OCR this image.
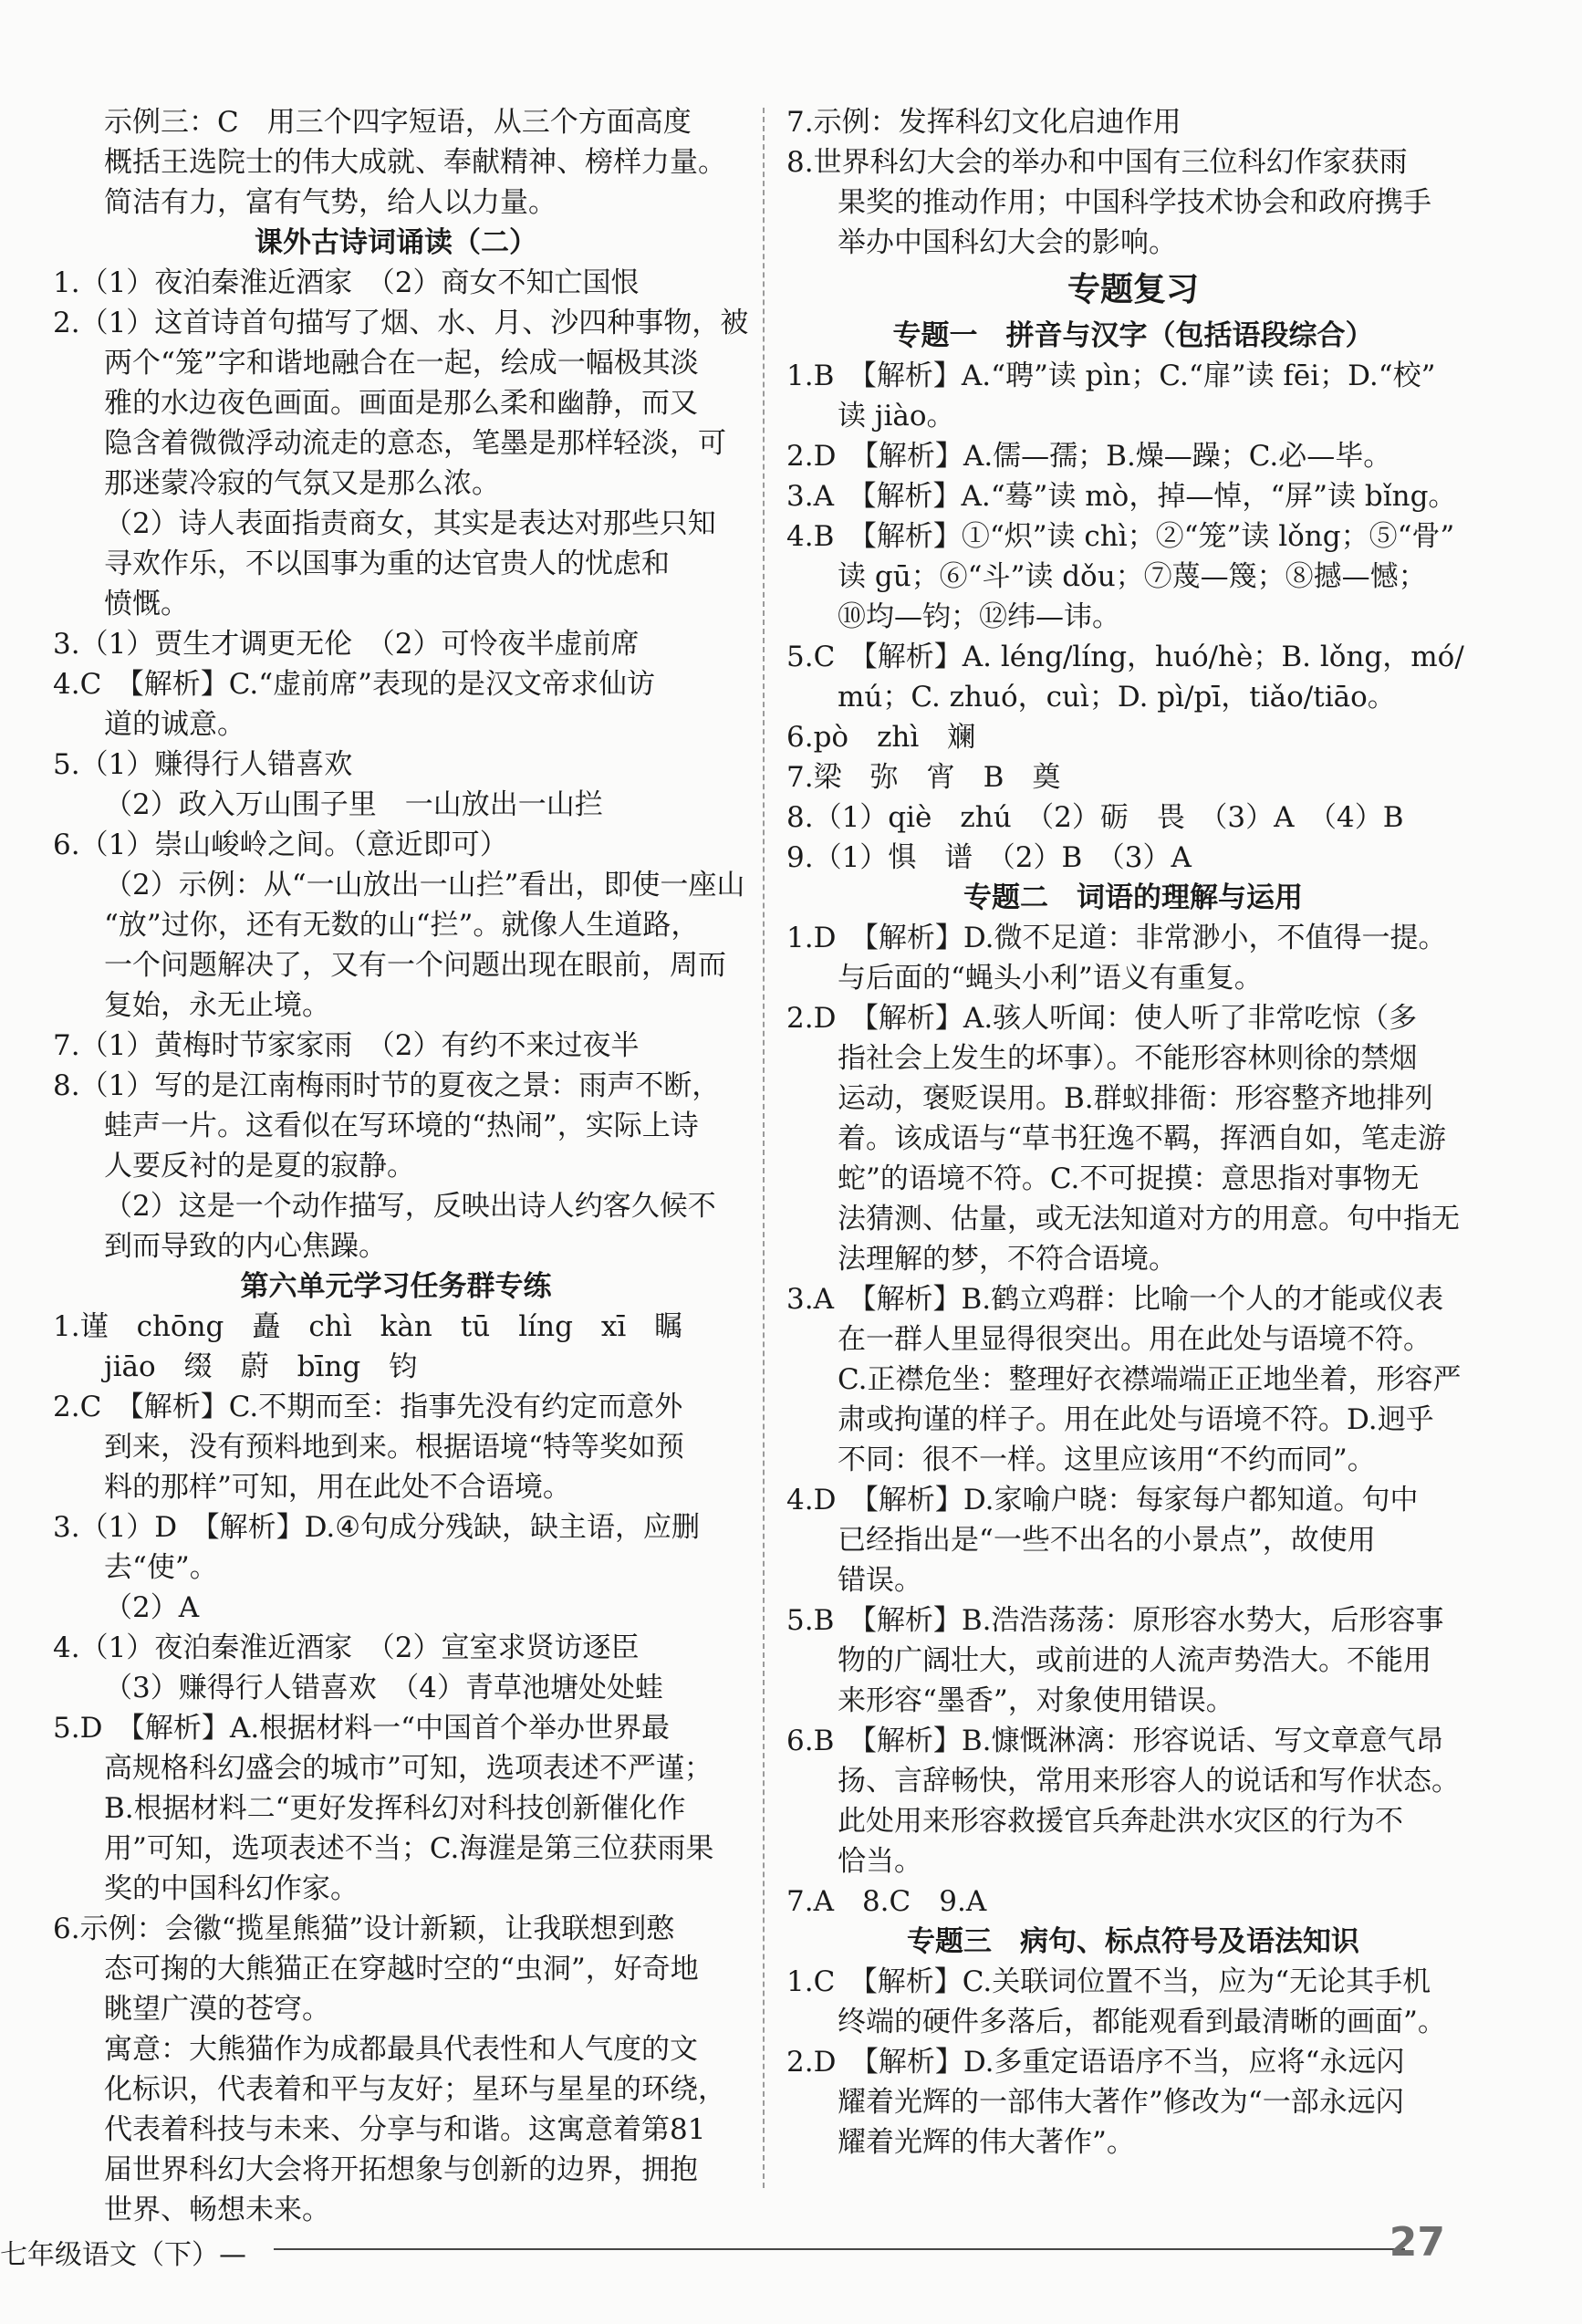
示例三：C　用三个四字短语，从三个方面高度
概括王选院士的伟大成就、奉献精神、榜样力量。
简洁有力，富有气势，给人以力量。
课外古诗词诵读（二）
1.（1）夜泊秦淮近酒家　（2）商女不知亡国恨
2.（1）这首诗首句描写了烟、水、月、沙四种事物，被
两个“笼”字和谐地融合在一起，绘成一幅极其淡
雅的水边夜色画面。画面是那么柔和幽静，而又
隐含着微微浮动流走的意态，笔墨是那样轻淡，可
那迷蒙冷寂的气氛又是那么浓。
（2）诗人表面指责商女，其实是表达对那些只知
寻欢作乐，不以国事为重的达官贵人的忧虑和
愤慨。
3.（1）贾生才调更无伦　（2）可怜夜半虚前席
4.C　【解析】C.“虚前席”表现的是汉文帝求仙访
道的诚意。
5.（1）赚得行人错喜欢
（2）政入万山围子里　一山放出一山拦
6.（1）崇山峻岭之间。（意近即可）
（2）示例：从“一山放出一山拦”看出，即使一座山
“放”过你，还有无数的山“拦”。就像人生道路，
一个问题解决了，又有一个问题出现在眼前，周而
复始，永无止境。
7.（1）黄梅时节家家雨　（2）有约不来过夜半
8.（1）写的是江南梅雨时节的夏夜之景：雨声不断，
蛙声一片。这看似在写环境的“热闹”，实际上诗
人要反衬的是夏的寂静。
（2）这是一个动作描写，反映出诗人约客久候不
到而导致的内心焦躁。
第六单元学习任务群专练
1.谨　chōng　矗　chì　kàn　tū　líng　xī　瞩
jiāo　缀　蔚　bīng　钧
2.C　【解析】C.不期而至：指事先没有约定而意外
到来，没有预料地到来。根据语境“特等奖如预
料的那样”可知，用在此处不合语境。
3.（1）D　【解析】D.④句成分残缺，缺主语，应删
去“使”。
（2）A
4.（1）夜泊秦淮近酒家　（2）宣室求贤访逐臣
（3）赚得行人错喜欢　（4）青草池塘处处蛙
5.D　【解析】A.根据材料一“中国首个举办世界最
高规格科幻盛会的城市”可知，选项表述不严谨；
B.根据材料二“更好发挥科幻对科技创新催化作
用”可知，选项表述不当；C.海漄是第三位获雨果
奖的中国科幻作家。
6.示例：会徽“揽星熊猫”设计新颖，让我联想到憨
态可掬的大熊猫正在穿越时空的“虫洞”，好奇地
眺望广漠的苍穹。
寓意：大熊猫作为成都最具代表性和人气度的文
化标识，代表着和平与友好；星环与星星的环绕，
代表着科技与未来、分享与和谐。这寓意着第81
届世界科幻大会将开拓想象与创新的边界，拥抱
世界、畅想未来。
7.示例：发挥科幻文化启迪作用
8.世界科幻大会的举办和中国有三位科幻作家获雨
果奖的推动作用；中国科学技术协会和政府携手
举办中国科幻大会的影响。
专题复习
专题一　拼音与汉字（包括语段综合）
1.B　【解析】A.“聘”读 pìn；C.“扉”读 fēi；D.“校”
读 jiào。
2.D　【解析】A.儒—孺；B.燥—躁；C.必—毕。
3.A　【解析】A.“蓦”读 mò，掉—悼，“屏”读 bǐng。
4.B　【解析】①“炽”读 chì；②“笼”读 lǒng；⑤“骨”
读 gū；⑥“斗”读 dǒu；⑦蔑—篾；⑧撼—憾；
⑩均—钧；⑫纬—讳。
5.C　【解析】A. léng/líng，huó/hè；B. lǒng，mó/
mú；C. zhuó，cuì；D. pì/pī，tiǎo/tiāo。
6.pò　zhì　斓
7.梁　弥　宵　B　奠
8.（1）qiè　zhú　（2）砺　畏　（3）A　（4）B
9.（1）惧　谱　（2）B　（3）A
专题二　词语的理解与运用
1.D　【解析】D.微不足道：非常渺小，不值得一提。
与后面的“蝇头小利”语义有重复。
2.D　【解析】A.骇人听闻：使人听了非常吃惊（多
指社会上发生的坏事）。不能形容林则徐的禁烟
运动，褒贬误用。B.群蚁排衙：形容整齐地排列
着。该成语与“草书狂逸不羁，挥洒自如，笔走游
蛇”的语境不符。C.不可捉摸：意思指对事物无
法猜测、估量，或无法知道对方的用意。句中指无
法理解的梦，不符合语境。
3.A　【解析】B.鹤立鸡群：比喻一个人的才能或仪表
在一群人里显得很突出。用在此处与语境不符。
C.正襟危坐：整理好衣襟端端正正地坐着，形容严
肃或拘谨的样子。用在此处与语境不符。D.迥乎
不同：很不一样。这里应该用“不约而同”。
4.D　【解析】D.家喻户晓：每家每户都知道。句中
已经指出是“一些不出名的小景点”，故使用
错误。
5.B　【解析】B.浩浩荡荡：原形容水势大，后形容事
物的广阔壮大，或前进的人流声势浩大。不能用
来形容“墨香”，对象使用错误。
6.B　【解析】B.慷慨淋漓：形容说话、写文章意气昂
扬、言辞畅快，常用来形容人的说话和写作状态。
此处用来形容救援官兵奔赴洪水灾区的行为不
恰当。
7.A　8.C　9.A
专题三　病句、标点符号及语法知识
1.C　【解析】C.关联词位置不当，应为“无论其手机
终端的硬件多落后，都能观看到最清晰的画面”。
2.D　【解析】D.多重定语语序不当，应将“永远闪
耀着光辉的一部伟大著作”修改为“一部永远闪
耀着光辉的伟大著作”。
七年级语文（下）—	27
